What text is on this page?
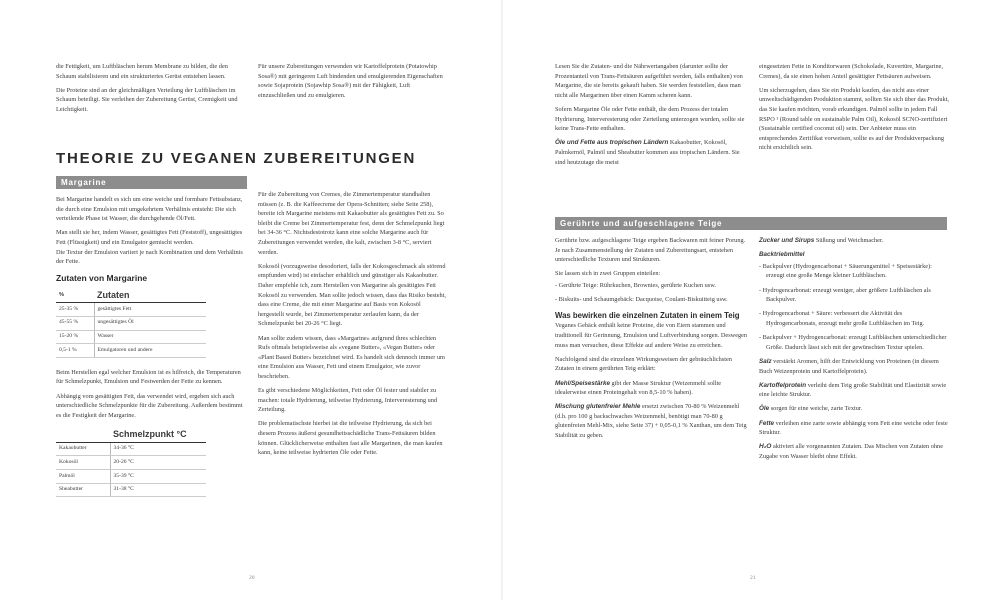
die Fettigkeit, um Luftbläschen herum Membrane zu bilden, die den Schaum stabilisieren und ein strukturiertes Gerüst entstehen lassen.

Die Proteine sind an der gleichmäßigen Verteilung der Luftbläschen im Schaum beteiligt. Sie verleihen der Zubereitung Gerüst, Cremigkeit und Leichtigkeit.

Für unsere Zubereitungen verwenden wir Kartoffelprotein (Potatowhip Sosa®) mit geringeren Luft bindenden und emulgierenden Eigenschaften sowie Sojaprotein (Sojawhip Sosa®) mit der Fähigkeit, Luft einzuschließen und zu emulgieren.

THEORIE ZU VEGANEN ZUBEREITUNGEN
Margarine

Bei Margarine handelt es sich um eine weiche und formbare Fettsubstanz, die durch eine Emulsion mit umgekehrtem Verhältnis entsteht: Die sich verteilende Phase ist Wasser, die durchgehende Öl/Fett.

Man stellt sie her, indem Wasser, gesättigtes Fett (Feststoff), ungesättigtes Fett (Flüssigkeit) und ein Emulgator gemischt werden.

Die Textur der Emulsion variiert je nach Kombination und dem Verhältnis der Fette.

Zutaten von Margarine
%	Zutaten
25-35 %	gesättigtes Fett
45-55 %	ungesättigtes Öl
15-20 %	Wasser
0,5-1 %	Emulgatoren und andere

Beim Herstellen egal welcher Emulsion ist es hilfreich, die Temperaturen für Schmelzpunkt, Emulsion und Festwerden der Fette zu kennen.

Abhängig vom gesättigten Fett, das verwendet wird, ergeben sich auch unterschiedliche Schmelzpunkte für die Zubereitung. Außerdem bestimmt es die Festigkeit der Margarine.

	Schmelzpunkt °C
Kakaobutter	34-36 °C
Kokosöl	20-26 °C
Palmöl	35-39 °C
Sheabutter	31-38 °C

Für die Zubereitung von Cremes, die Zimmertemperatur standhalten müssen (z. B. die Kaffeecreme der Opera-Schnitten; siehe Seite 258), bereite ich Margarine meistens mit Kakaobutter als gesättigtes Fett zu. So bleibt die Creme bei Zimmertemperatur fest, denn der Schmelzpunkt liegt bei 34-36 °C. Nichtsdestotrotz kann eine solche Margarine auch für Zubereitungen verwendet werden, die kalt, zwischen 3-8 °C, serviert werden.

Kokosöl (vorzugsweise desodoriert, falls der Kokosgeschmack als störend empfunden wird) ist einfacher erhältlich und günstiger als Kakaobutter. Daher empfehle ich, zum Herstellen von Margarine als gesättigtes Fett Kokosöl zu verwenden. Man sollte jedoch wissen, dass das Risiko besteht, dass eine Creme, die mit einer Margarine auf Basis von Kokosöl hergestellt wurde, bei Zimmertemperatur zerlaufen kann, da der Schmelzpunkt bei 20-26 °C liegt.

Man sollte zudem wissen, dass «Margarine» aufgrund ihres schlechten Rufs oftmals beispielsweise als «vegane Butter», «Vegan Butter» oder «Plant Based Butter» bezeichnet wird. Es handelt sich dennoch immer um eine Emulsion aus Wasser, Fett und einem Emulgator, wie zuvor beschrieben.

Es gibt verschiedene Möglichkeiten, Fett oder Öl fester und stabiler zu machen: totale Hydrierung, teilweise Hydrierung, Interveresterung und Zerteilung.

Die problematischste hierbei ist die teilweise Hydrierung, da sich bei diesem Prozess äußerst gesundheitsschädliche Trans-Fettsäuren bilden können. Glücklicherweise enthalten fast alle Margarinen, die man kaufen kann, keine teilweise hydrierten Öle oder Fette.

20

Lesen Sie die Zutaten- und die Nährwertangaben (darunter sollte der Prozentanteil von Trans-Fettsäuren aufgeführt werden, falls enthalten) von Margarine, die sie bereits gekauft haben. Sie werden feststellen, dass man nicht alle Margarinen über einen Kamm scheren kann.

Sofern Margarine Öle oder Fette enthält, die dem Prozess der totalen Hydrierung, Interveresterung oder Zerteilung unterzogen wurden, sollte sie keine Trans-Fette enthalten.

Öle und Fette aus tropischen Ländern Kakaobutter, Kokosöl, Palmkernöl, Palmöl und Sheabutter kommen aus tropischen Ländern. Sie sind heutzutage die meist

eingesetzten Fette in Konditorwaren (Schokolade, Kuvertüre, Margarine, Cremes), da sie einen hohen Anteil gesättigter Fettsäuren aufweisen.

Um sicherzugehen, dass Sie ein Produkt kaufen, das nicht aus einer umweltschädigenden Produktion stammt, sollten Sie sich über das Produkt, das Sie kaufen möchten, vorab erkundigen. Palmöl sollte in jedem Fall RSPO ¹ (Round table on sustainable Palm Oil), Kokosöl SCNO-zertifiziert (Sustainable certified coconut oil) sein. Der Anbieter muss ein entsprechendes Zertifikat vorweisen, sollte es auf der Produktverpackung nicht ersichtlich sein.

Gerührte und aufgeschlagene Teige

Gerührte bzw. aufgeschlagene Teige ergeben Backwaren mit feiner Porung. Je nach Zusammenstellung der Zutaten und Zubereitungsart, entstehen unterschiedliche Texturen und Strukturen.

Sie lassen sich in zwei Gruppen einteilen:

- Gerührte Teige: Rührkuchen, Brownies, gerührte Kuchen usw.

- Biskuits- und Schaumgebäck: Dacquoise, Coulant-Biskuitteig usw.

Was bewirken die einzelnen Zutaten in einem Teig Veganes Gebäck enthält keine Proteine, die von Eiern stammen und traditionell für Gerinnung, Emulsion und Luftverbindung sorgen. Deswegen muss man versuchen, diese Effekte auf andere Weise zu erreichen.

Nachfolgend sind die einzelnen Wirkungsweisen der gebräuchlichsten Zutaten in einem gerührten Teig erklärt:

Mehl/Speisestärke gibt der Masse Struktur (Weizenmehl sollte idealerweise einen Proteingehalt von 8,5-10 % haben).

Mischung glutenfreier Mehle ersetzt zwischen 70-80 % Weizenmehl (d.h. pro 100 g backschwaches Weizenmehl, benötigt man 70-80 g glutenfreien Mehl-Mix, siehe Seite 37) + 0,05-0,1 % Xanthan, um dem Teig Stabilität zu geben.

Zucker und Sirups Süßung und Weichmacher.

Backtriebmittel

- Backpulver (Hydrogencarbonat + Säuerungsmittel + Speisestärke): erzeugt eine große Menge kleiner Luftbläschen.

- Hydrogencarbonat: erzeugt weniger, aber größere Luftbläschen als Backpulver.

- Hydrogencarbonat + Säure: verbessert die Aktivität des Hydrogencarbonats, erzeugt mehr große Luftbläschen im Teig.

- Backpulver + Hydrogencarbonat: erzeugt Luftbläschen unterschiedlicher Größe. Dadurch lässt sich mit der gewünschten Textur spielen.

Salz verstärkt Aromen, hilft der Entwicklung von Proteinen (in diesem Buch Weizenprotein und Kartoffelprotein).

Kartoffelprotein verleiht dem Teig große Stabilität und Elastizität sowie eine leichte Struktur.

Öle sorgen für eine weiche, zarte Textur.

Fette verleihen eine zarte sowie abhängig vom Fett eine weiche oder feste Struktur.

H₂O aktiviert alle vorgenannten Zutaten. Das Mischen von Zutaten ohne Zugabe von Wasser bleibt ohne Effekt.

21
